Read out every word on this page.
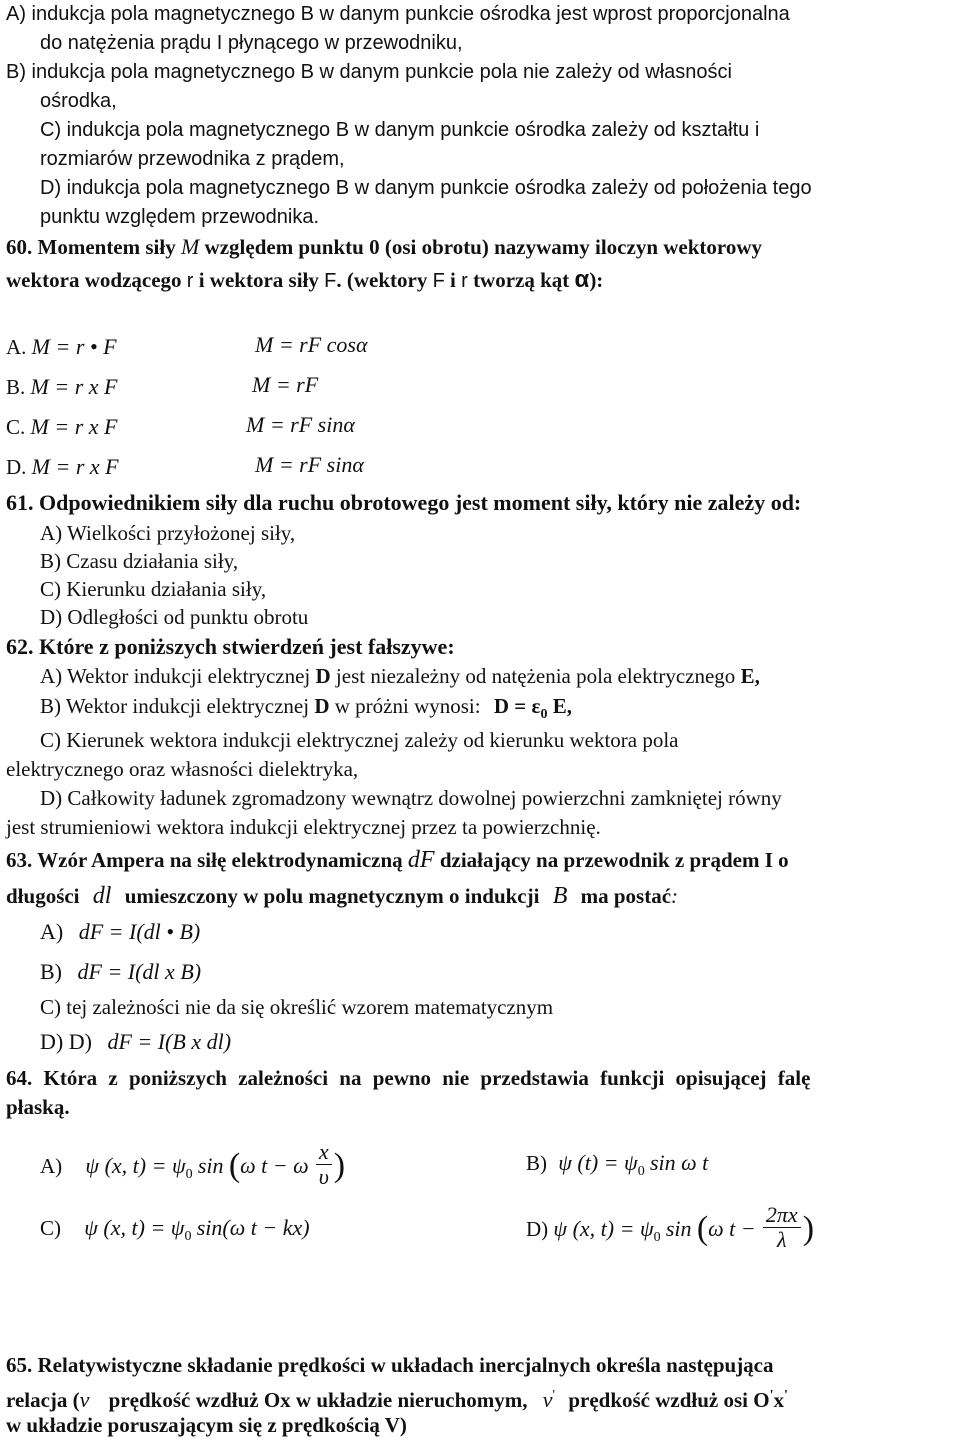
A) indukcja pola magnetycznego B w danym punkcie ośrodka jest wprost proporcjonalna
do natężenia prądu I płynącego w przewodniku,
B) indukcja pola magnetycznego B w danym punkcie pola nie zależy od własności
ośrodka,
C) indukcja pola magnetycznego B w danym punkcie ośrodka zależy od kształtu i
rozmiarów przewodnika z prądem,
D) indukcja pola magnetycznego B w danym punkcie ośrodka zależy od położenia tego
punktu względem przewodnika.
60. Momentem siły M względem punktu 0 (osi obrotu) nazywamy iloczyn wektorowy
wektora wodzącego r i wektora siły F. (wektory F i r tworzą kąt α):
A. M = r • F	M = rF cosα
B. M = r x F	M = rF
C. M = r x F	M = rF sinα
D. M = r x F	M = rF sinα
61. Odpowiednikiem siły dla ruchu obrotowego jest moment siły, który nie zależy od:
A) Wielkości przyłożonej siły,
B) Czasu działania siły,
C) Kierunku działania siły,
D) Odległości od punktu obrotu
62. Które z poniższych stwierdzeń jest fałszywe:
A) Wektor indukcji elektrycznej D jest niezależny od natężenia pola elektrycznego E,
B) Wektor indukcji elektrycznej D w próżni wynosi: $D = \varepsilon_0$ E,
C) Kierunek wektora indukcji elektrycznej zależy od kierunku wektora pola
elektrycznego oraz własności dielektryka,
D) Całkowity ładunek zgromadzony wewnątrz dowolnej powierzchni zamkniętej równy
jest strumieniowi wektora indukcji elektrycznej przez ta powierzchnię.
63. Wzór Ampera na siłę elektrodynamiczną dF działający na przewodnik z prądem I o
długości dl umieszczony w polu magnetycznym o indukcji B ma postać:
A) dF = I(dl • B)
B) dF = I(dl x B)
C) tej zależności nie da się określić wzorem matematycznym
D) D) dF = I(B x dl)
64. Która z poniższych zależności na pewno nie przedstawia funkcji opisującej falę
płaską.
A) ψ (x, $t) = \psi_0$ sin (ω t − ω $\frac{x}{\upsilon}$ )	B) ψ $(t) = \psi_0$ sin ω t
C) ψ (x, $t) = \psi_0$ sin(ω t − kx)	D) ψ (x, $t) = \psi_0$ sin (ω $t - \frac{2\pi x}{\lambda}$ )
65. Relatywistyczne składanie prędkości w układach inercjalnych określa następująca
relacja (v prędkość wzdłuż Ox w układzie nieruchomym, v' prędkość wzdłuż osi O'x'
w układzie poruszającym się z prędkością V)
